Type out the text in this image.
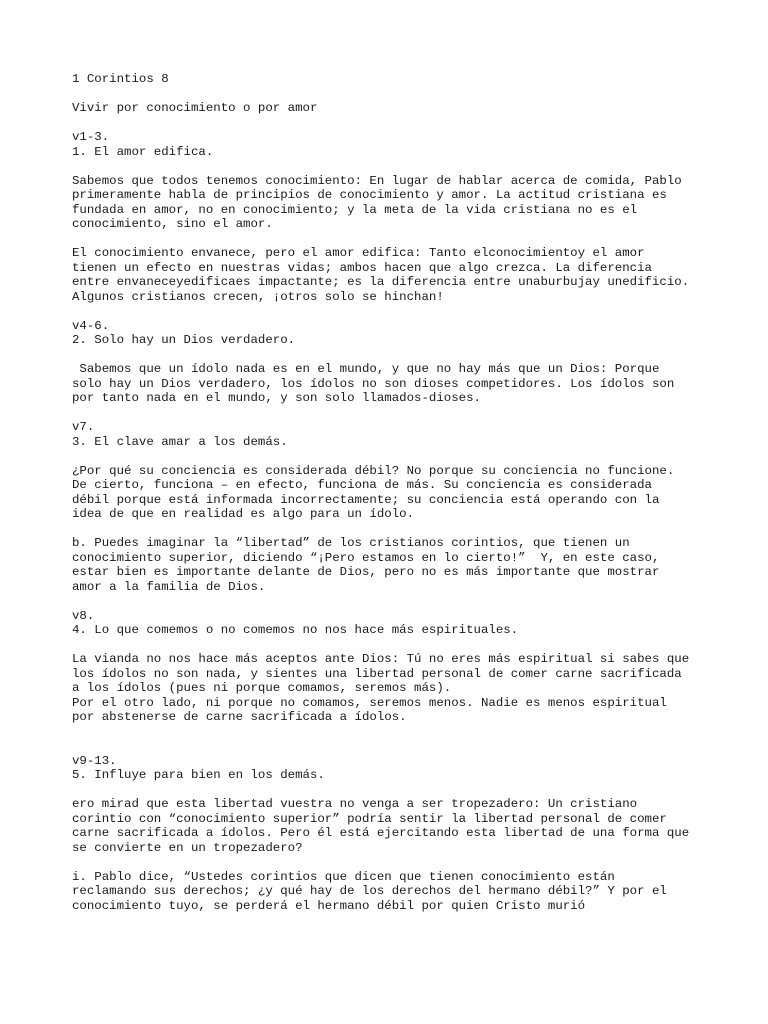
1 Corintios 8
Vivir por conocimiento o por amor
v1-3.
1. El amor edifica.
Sabemos que todos tenemos conocimiento: En lugar de hablar acerca de comida, Pablo
primeramente habla de principios de conocimiento y amor. La actitud cristiana es
fundada en amor, no en conocimiento; y la meta de la vida cristiana no es el
conocimiento, sino el amor.
El conocimiento envanece, pero el amor edifica: Tanto elconocimientoy el amor
tienen un efecto en nuestras vidas; ambos hacen que algo crezca. La diferencia
entre envaneceyedificaes impactante; es la diferencia entre unaburbujay unedificio.
Algunos cristianos crecen, ¡otros solo se hinchan!
v4-6.
2. Solo hay un Dios verdadero.
Sabemos que un ídolo nada es en el mundo, y que no hay más que un Dios: Porque
solo hay un Dios verdadero, los ídolos no son dioses competidores. Los ídolos son
por tanto nada en el mundo, y son solo llamados-dioses.
v7.
3. El clave amar a los demás.
¿Por qué su conciencia es considerada débil? No porque su conciencia no funcione.
De cierto, funciona – en efecto, funciona de más. Su conciencia es considerada
débil porque está informada incorrectamente; su conciencia está operando con la
idea de que en realidad es algo para un ídolo.
b. Puedes imaginar la “libertad” de los cristianos corintios, que tienen un
conocimiento superior, diciendo “¡Pero estamos en lo cierto!”  Y, en este caso,
estar bien es importante delante de Dios, pero no es más importante que mostrar
amor a la familia de Dios.
v8.
4. Lo que comemos o no comemos no nos hace más espirituales.
La vianda no nos hace más aceptos ante Dios: Tú no eres más espiritual si sabes que
los ídolos no son nada, y sientes una libertad personal de comer carne sacrificada
a los ídolos (pues ni porque comamos, seremos más).
Por el otro lado, ni porque no comamos, seremos menos. Nadie es menos espiritual
por abstenerse de carne sacrificada a ídolos.
v9-13.
5. Influye para bien en los demás.
ero mirad que esta libertad vuestra no venga a ser tropezadero: Un cristiano
corintio con “conocimiento superior” podría sentir la libertad personal de comer
carne sacrificada a ídolos. Pero él está ejercitando esta libertad de una forma que
se convierte en un tropezadero?
i. Pablo dice, “Ustedes corintios que dicen que tienen conocimiento están
reclamando sus derechos; ¿y qué hay de los derechos del hermano débil?” Y por el
conocimiento tuyo, se perderá el hermano débil por quien Cristo murió
